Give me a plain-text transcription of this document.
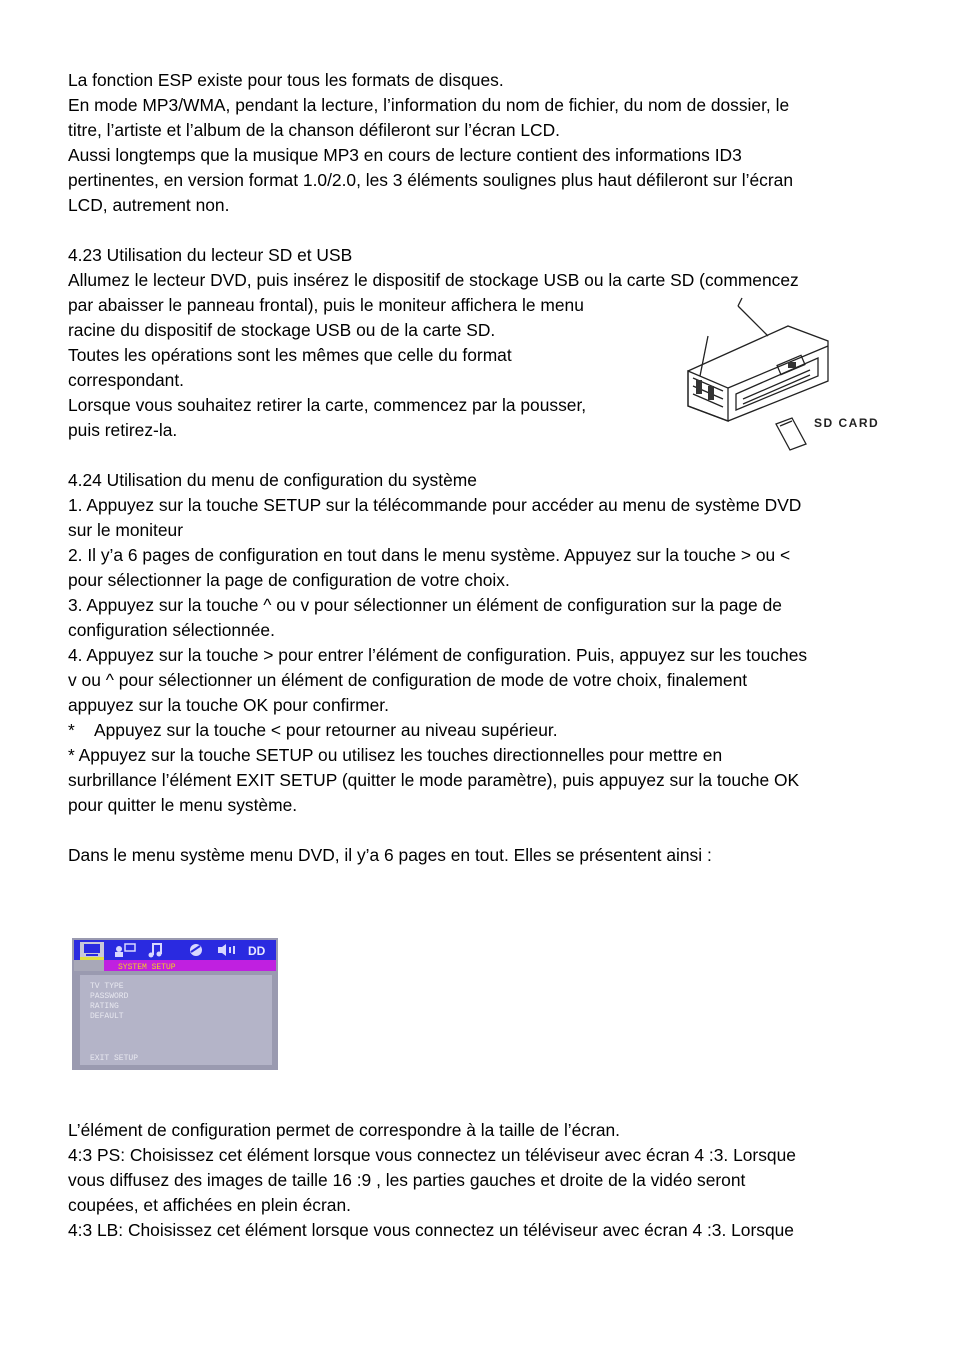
La fonction ESP existe pour tous les formats de disques.
En mode MP3/WMA, pendant la lecture, l’information du nom de fichier, du nom de dossier, le
titre, l’artiste et l’album de la chanson défileront sur l’écran LCD.
Aussi longtemps que la musique MP3 en cours de lecture contient des informations ID3
pertinentes, en version format 1.0/2.0, les 3 éléments soulignes plus haut défileront sur l’écran
LCD, autrement non.
4.23 Utilisation du lecteur SD et USB
Allumez le lecteur DVD, puis insérez le dispositif de stockage USB ou la carte SD (commencez
par abaisser le panneau frontal), puis le moniteur affichera le menu
racine du dispositif de stockage USB ou de la carte SD.
Toutes les opérations sont les mêmes que celle du format
correspondant.
Lorsque vous souhaitez retirer la carte, commencez par la pousser,
puis retirez-la.	SD CARD
4.24 Utilisation du menu de configuration du système
1. Appuyez sur la touche SETUP sur la télécommande pour accéder au menu de système DVD
sur le moniteur
2. Il y’a 6 pages de configuration en tout dans le menu système. Appuyez sur la touche > ou <
pour sélectionner la page de configuration de votre choix.
3. Appuyez sur la touche ^ ou v pour sélectionner un élément de configuration sur la page de
configuration sélectionnée.
4. Appuyez sur la touche > pour entrer l’élément de configuration. Puis, appuyez sur les touches
v ou ^ pour sélectionner un élément de configuration de mode de votre choix, finalement
appuyez sur la touche OK pour confirmer.
* Appuyez sur la touche < pour retourner au niveau supérieur.
* Appuyez sur la touche SETUP ou utilisez les touches directionnelles pour mettre en
surbrillance l’élément EXIT SETUP (quitter le mode paramètre), puis appuyez sur la touche OK
pour quitter le menu système.
Dans le menu système menu DVD, il y’a 6 pages en tout. Elles se présentent ainsi :
DD
SYSTEM SETUP
TV TYPE
PASSWORD
RATING
DEFAULT
EXIT SETUP
L’élément de configuration permet de correspondre à la taille de l’écran.
4:3 PS: Choisissez cet élément lorsque vous connectez un téléviseur avec écran 4 :3. Lorsque
vous diffusez des images de taille 16 :9 , les parties gauches et droite de la vidéo seront
coupées, et affichées en plein écran.
4:3 LB: Choisissez cet élément lorsque vous connectez un téléviseur avec écran 4 :3. Lorsque
